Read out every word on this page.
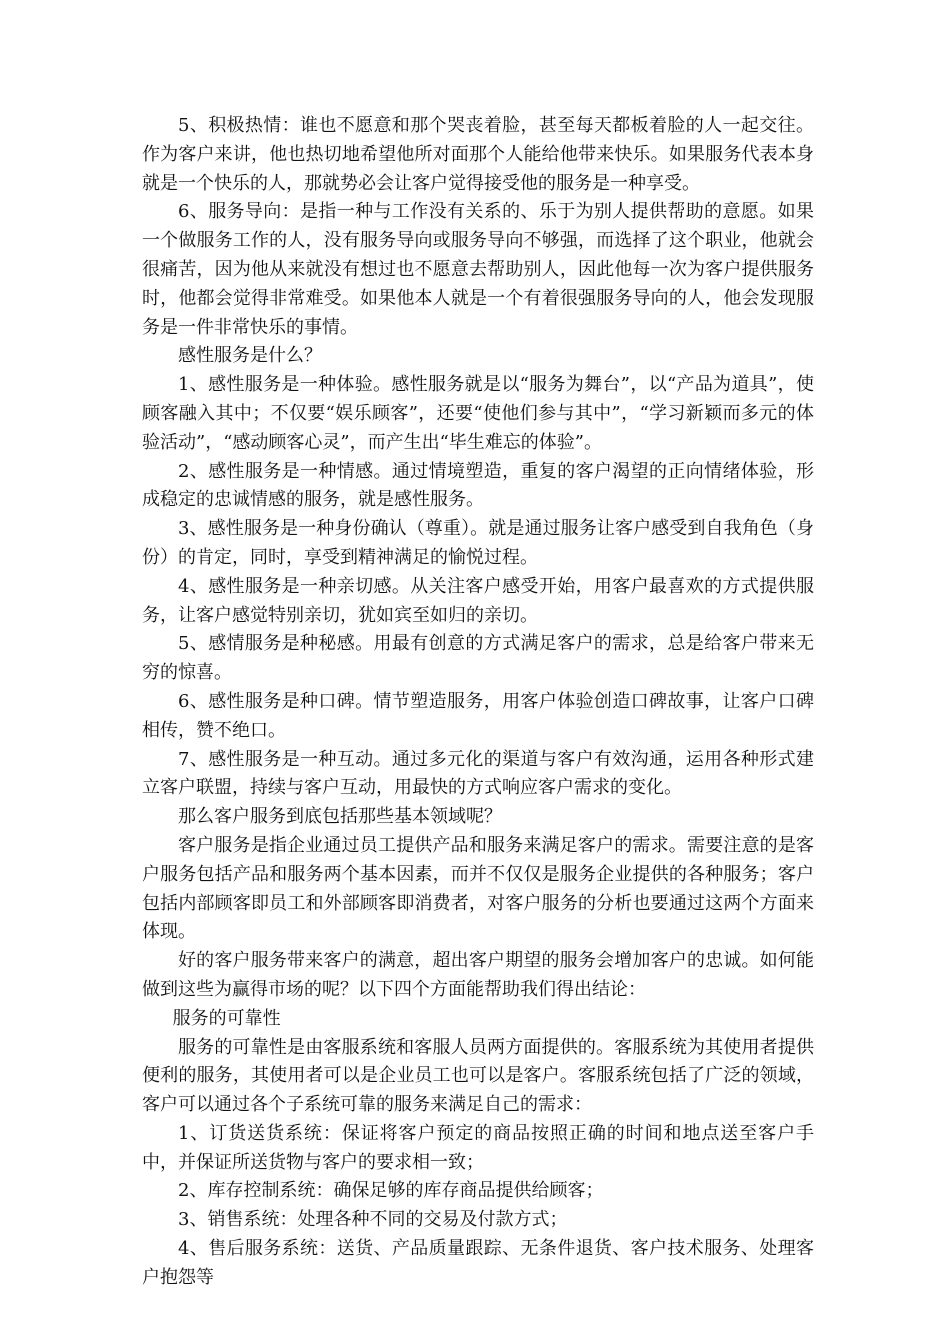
5、积极热情：谁也不愿意和那个哭丧着脸，甚至每天都板着脸的人一起交往。作为客户来讲，他也热切地希望他所对面那个人能给他带来快乐。如果服务代表本身就是一个快乐的人，那就势必会让客户觉得接受他的服务是一种享受。

6、服务导向：是指一种与工作没有关系的、乐于为别人提供帮助的意愿。如果一个做服务工作的人，没有服务导向或服务导向不够强，而选择了这个职业，他就会很痛苦，因为他从来就没有想过也不愿意去帮助别人，因此他每一次为客户提供服务时，他都会觉得非常难受。如果他本人就是一个有着很强服务导向的人，他会发现服务是一件非常快乐的事情。

感性服务是什么？

1、感性服务是一种体验。感性服务就是以“服务为舞台”，以“产品为道具”，使顾客融入其中；不仅要“娱乐顾客”，还要“使他们参与其中”，“学习新颖而多元的体验活动”，“感动顾客心灵”，而产生出“毕生难忘的体验”。

2、感性服务是一种情感。通过情境塑造，重复的客户渴望的正向情绪体验，形成稳定的忠诚情感的服务，就是感性服务。

3、感性服务是一种身份确认（尊重）。就是通过服务让客户感受到自我角色（身份）的肯定，同时，享受到精神满足的愉悦过程。

4、感性服务是一种亲切感。从关注客户感受开始，用客户最喜欢的方式提供服务，让客户感觉特别亲切，犹如宾至如归的亲切。

5、感情服务是种秘感。用最有创意的方式满足客户的需求，总是给客户带来无穷的惊喜。

6、感性服务是种口碑。情节塑造服务，用客户体验创造口碑故事，让客户口碑相传，赞不绝口。

7、感性服务是一种互动。通过多元化的渠道与客户有效沟通，运用各种形式建立客户联盟，持续与客户互动，用最快的方式响应客户需求的变化。

那么客户服务到底包括那些基本领域呢？

客户服务是指企业通过员工提供产品和服务来满足客户的需求。需要注意的是客户服务包括产品和服务两个基本因素，而并不仅仅是服务企业提供的各种服务；客户包括内部顾客即员工和外部顾客即消费者，对客户服务的分析也要通过这两个方面来体现。

好的客户服务带来客户的满意，超出客户期望的服务会增加客户的忠诚。如何能做到这些为赢得市场的呢？以下四个方面能帮助我们得出结论：

服务的可靠性

服务的可靠性是由客服系统和客服人员两方面提供的。客服系统为其使用者提供便利的服务，其使用者可以是企业员工也可以是客户。客服系统包括了广泛的领域，客户可以通过各个子系统可靠的服务来满足自己的需求：

1、订货送货系统：保证将客户预定的商品按照正确的时间和地点送至客户手中，并保证所送货物与客户的要求相一致；

2、库存控制系统：确保足够的库存商品提供给顾客；

3、销售系统：处理各种不同的交易及付款方式；

4、售后服务系统：送货、产品质量跟踪、无条件退货、客户技术服务、处理客户抱怨等
